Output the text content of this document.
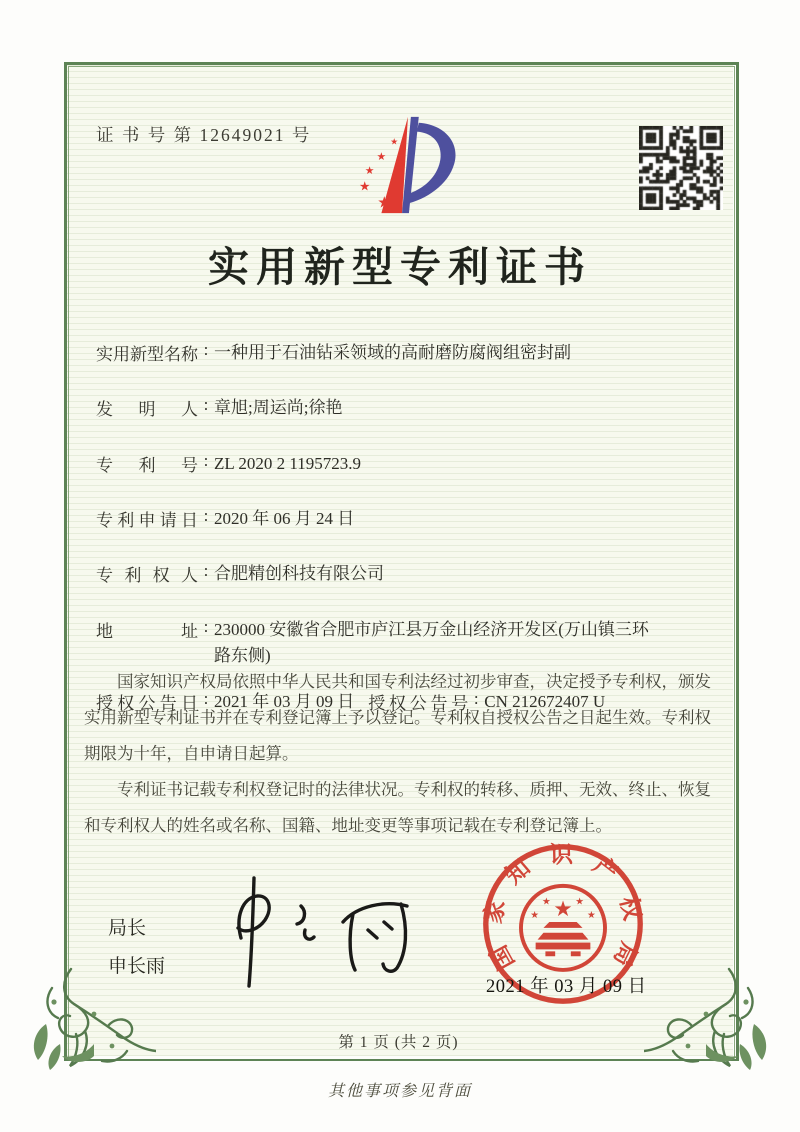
证 书 号 第 12649021 号	★
★
★
★
★
实用新型专利证书
实用新型名称 : 一种用于石油钻采领域的高耐磨防腐阀组密封副
发明人 : 章旭;周运尚;徐艳
专利号 : ZL 2020 2 1195723.9
专利申请日 : 2020 年 06 月 24 日
专利权人 : 合肥精创科技有限公司
地址 : 230000 安徽省合肥市庐江县万金山经济开发区(万山镇三环路东侧)
授权公告日 : 2021 年 03 月 09 日 授权公告号 : CN 212672407 U

国家知识产权局依照中华人民共和国专利法经过初步审查，决定授予专利权，颁发实用新型专利证书并在专利登记簿上予以登记。专利权自授权公告之日起生效。专利权期限为十年，自申请日起算。

专利证书记载专利权登记时的法律状况。专利权的转移、质押、无效、终止、恢复和专利权人的姓名或名称、国籍、地址变更等事项记载在专利登记簿上。

局长
申长雨	国家知识产权局
★
★ ★
★	★
2021 年 03 月 09 日
第 1 页 (共 2 页)
其他事项参见背面
